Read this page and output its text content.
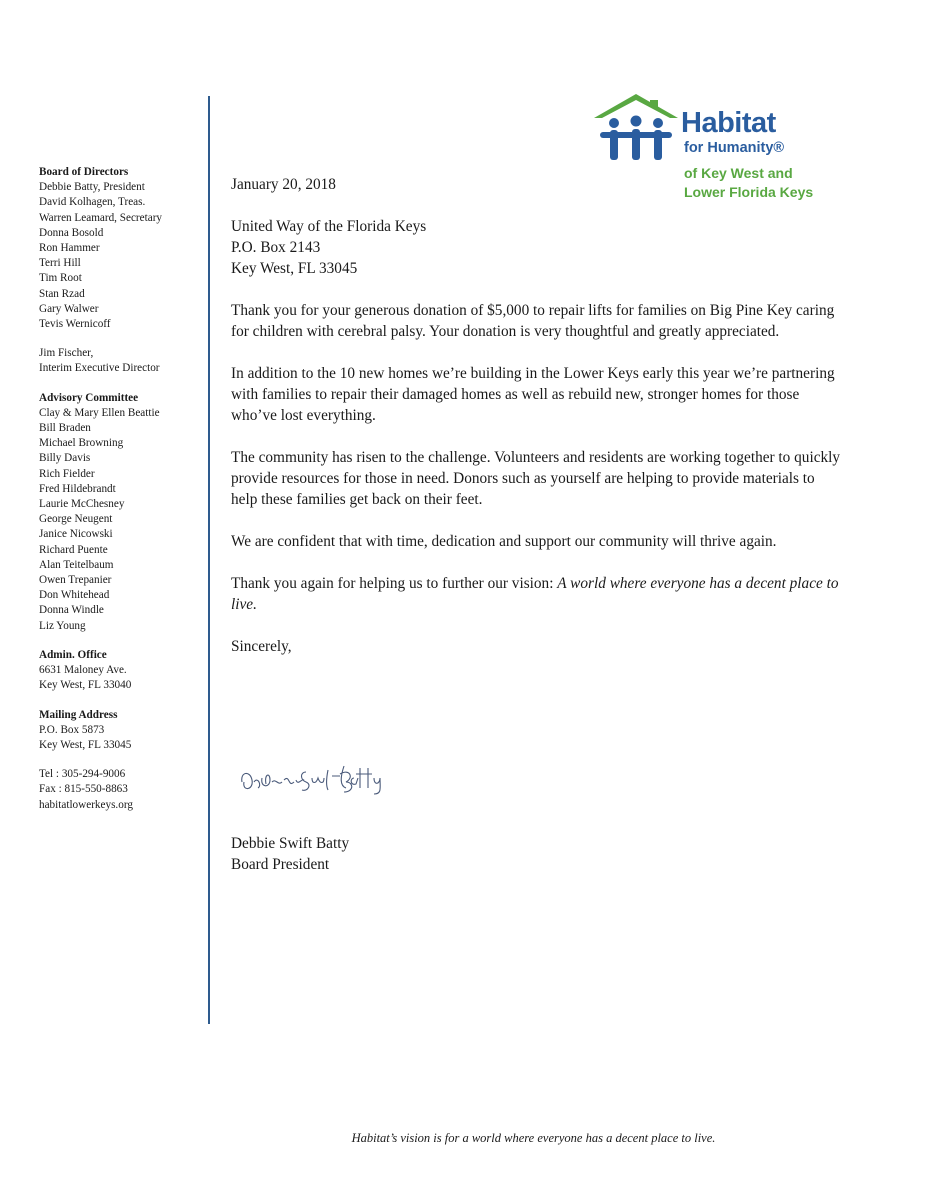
Board of Directors
Debbie Batty, President
David Kolhagen, Treas.
Warren Leamard, Secretary
Donna Bosold
Ron Hammer
Terri Hill
Tim Root
Stan Rzad
Gary Walwer
Tevis Wernicoff
Jim Fischer,
Interim Executive Director
Advisory Committee
Clay & Mary Ellen Beattie
Bill Braden
Michael Browning
Billy Davis
Rich Fielder
Fred Hildebrandt
Laurie McChesney
George Neugent
Janice Nicowski
Richard Puente
Alan Teitelbaum
Owen Trepanier
Don Whitehead
Donna Windle
Liz Young
Admin. Office
6631 Maloney Ave.
Key West, FL 33040
Mailing Address
P.O. Box 5873
Key West, FL 33045
Tel : 305-294-9006
Fax : 815-550-8863
habitatlowerkeys.org
Habitat
for Humanity®
of Key West and
Lower Florida Keys

January 20, 2018

United Way of the Florida Keys

P.O. Box 2143

Key West, FL 33045

Thank you for your generous donation of $5,000 to repair lifts for families on Big Pine Key caring for children with cerebral palsy. Your donation is very thoughtful and greatly appreciated.

In addition to the 10 new homes we’re building in the Lower Keys early this year we’re partnering with families to repair their damaged homes as well as rebuild new, stronger homes for those who’ve lost everything.

The community has risen to the challenge. Volunteers and residents are working together to quickly provide resources for those in need. Donors such as yourself are helping to provide materials to help these families get back on their feet.

We are confident that with time, dedication and support our community will thrive again.

Thank you again for helping us to further our vision: A world where everyone has a decent place to live.

Sincerely,

Debbie Swift Batty
Board President
Habitat’s vision is for a world where everyone has a decent place to live.
